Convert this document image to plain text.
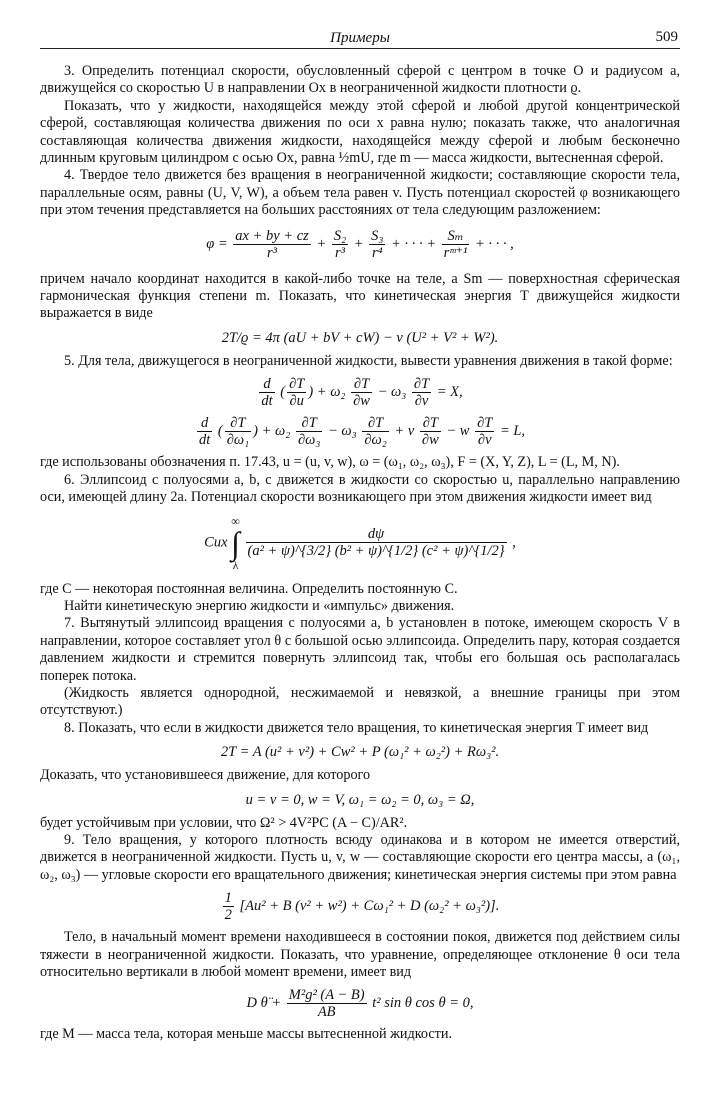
Примеры	509

3. Определить потенциал скорости, обусловленный сферой с центром в точке O и радиусом a, движущейся со скоростью U в направлении Ox в неограниченной жидкости плотности ϱ.

Показать, что у жидкости, находящейся между этой сферой и любой другой концентрической сферой, составляющая количества движения по оси x равна нулю; показать также, что аналогичная составляющая количества движения жидкости, находящейся между сферой и любым бесконечно длинным круговым цилиндром с осью Ox, равна ½mU, где m — масса жидкости, вытесненная сферой.

4. Твердое тело движется без вращения в неограниченной жидкости; составляющие скорости тела, параллельные осям, равны (U, V, W), а объем тела равен v. Пусть потенциал скоростей φ возникающего при этом течения представляется на больших расстояниях от тела следующим разложением:

$\varphi = \frac{ax + by + cz}{\text{r³}} + \frac{\text{S₂}}{\text{r³}} + \frac{\text{S₃}}{\text{r⁴}}$ + · · · + $\frac{\text{Sₘ}}{\text{rᵐ⁺¹}}$ + · · · ,

причем начало координат находится в какой-либо точке на теле, а Sm — поверхностная сферическая гармоническая функция степени m. Показать, что кинетическая энергия T движущейся жидкости выражается в виде

2T/ϱ = 4π (aU + bV + cW) − v (U² + V² + W²).

5. Для тела, движущегося в неограниченной жидкости, вывести уравнения движения в такой форме:

$\frac{d}{dt}$ ( $\frac{\partial T}{\partial u}$ ) + $\omega_2 \frac{\partial T}{\partial w} - \omega_3 \frac{\partial T}{\partial v} = X$,
$\frac{d}{dt}$ ( $\frac{\partial T}{\text{∂ω₁}}$ ) + $\omega_2 \frac{\partial T}{\text{∂ω₃}} - \omega_3 \frac{\partial T}{\text{∂ω₂}} + v \frac{\partial T}{\partial w} - w \frac{\partial T}{\partial v} = L$,

где использованы обозначения п. 17.43, u = (u, v, w), ω = (ω₁, ω₂, ω₃), F = (X, Y, Z), L = (L, M, N).

6. Эллипсоид с полуосями a, b, c движется в жидкости со скоростью u, параллельно направлению оси, имеющей длину 2a. Потенциал скорости возникающего при этом движения жидкости имеет вид

Cux
∞
∫
λ

$\frac{d\psi}{\text{(a² + ψ)\textasciicircum{}\{3/2\} (b² + ψ)\textasciicircum{}\{1/2\} (c² + ψ)\textasciicircum{}\{1/2\}}}$ ,

где C — некоторая постоянная величина. Определить постоянную C.

Найти кинетическую энергию жидкости и «импульс» движения.

7. Вытянутый эллипсоид вращения с полуосями a, b установлен в потоке, имеющем скорость V в направлении, которое составляет угол θ с большой осью эллипсоида. Определить пару, которая создается давлением жидкости и стремится повернуть эллипсоид так, чтобы его большая ось располагалась поперек потока.

(Жидкость является однородной, несжимаемой и невязкой, а внешние границы при этом отсутствуют.)

8. Показать, что если в жидкости движется тело вращения, то кинетическая энергия T имеет вид

2T = A (u² + v²) + Cw² + P (ω₁² + ω₂²) + Rω₃².

Доказать, что установившееся движение, для которого

u = v = 0, w = V, ω₁ = ω₂ = 0, ω₃ = Ω,

будет устойчивым при условии, что Ω² > 4V²PC (A − C)/AR².

9. Тело вращения, у которого плотность всюду одинакова и в котором не имеется отверстий, движется в неограниченной жидкости. Пусть u, v, w — составляющие скорости его центра массы, а (ω₁, ω₂, ω₃) — угловые скорости его вращательного движения; кинетическая энергия системы при этом равна

$\frac{1}{2} [Au^2 + B$ (v² + w²) + Cω₁² + D (ω₂² + ω₃²)].

Тело, в начальный момент времени находившееся в состоянии покоя, движется под действием силы тяжести в неограниченной жидкости. Показать, что уравнение, определяющее отклонение θ оси тела относительно вертикали в любой момент времени, имеет вид

D θ̈ + $\frac{\text{M²g² (A − B)}}{AB} t^2$ sin θ cos θ = 0,

где M — масса тела, которая меньше массы вытесненной жидкости.
